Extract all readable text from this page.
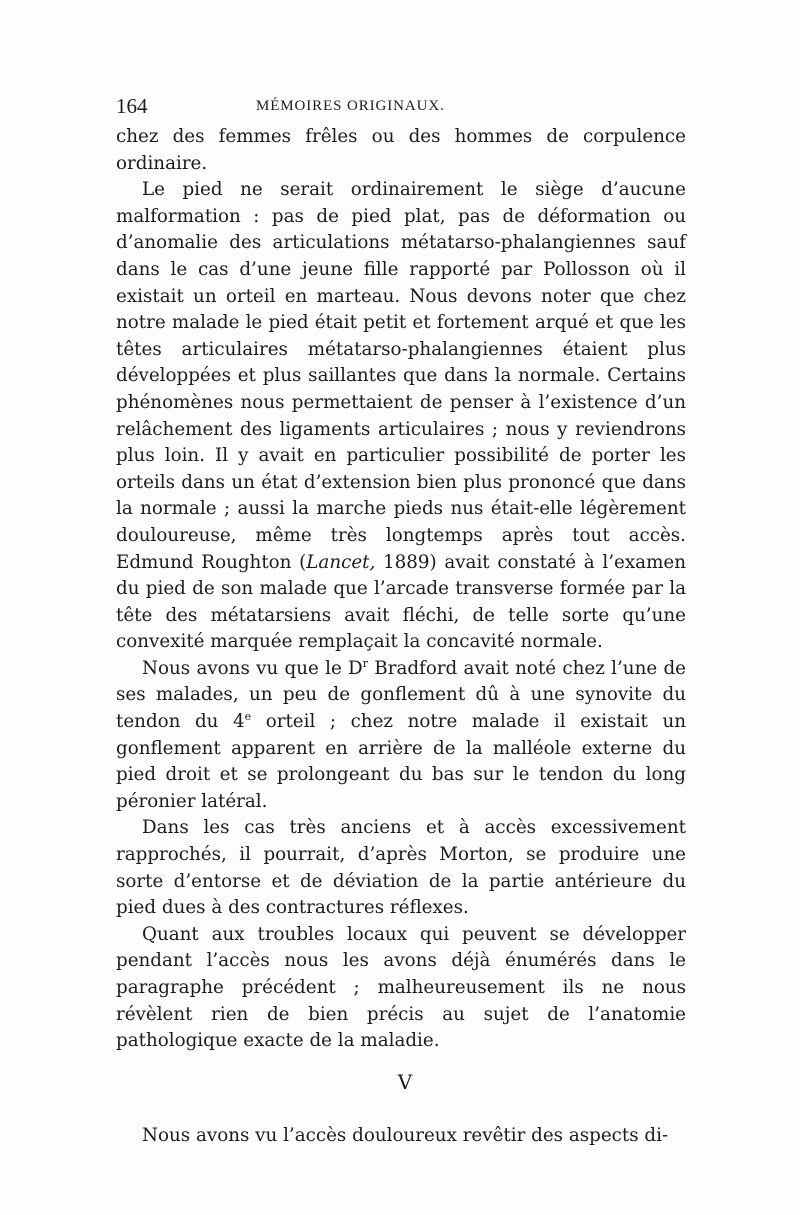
164	MÉMOIRES ORIGINAUX.

chez des femmes frêles ou des hommes de corpulence ordinaire.

Le pied ne serait ordinairement le siège d’aucune malformation : pas de pied plat, pas de déformation ou d’anomalie des articulations métatarso-phalangiennes sauf dans le cas d’une jeune fille rapporté par Pollosson où il existait un orteil en marteau. Nous devons noter que chez notre malade le pied était petit et fortement arqué et que les têtes articulaires métatarso-phalangiennes étaient plus développées et plus saillantes que dans la normale. Certains phénomènes nous permettaient de penser à l’existence d’un relâchement des ligaments articulaires ; nous y reviendrons plus loin. Il y avait en particulier possibilité de porter les orteils dans un état d’extension bien plus prononcé que dans la normale ; aussi la marche pieds nus était-elle légèrement douloureuse, même très longtemps après tout accès. Edmund Roughton (Lancet, 1889) avait constaté à l’examen du pied de son malade que l’arcade transverse formée par la tête des métatarsiens avait fléchi, de telle sorte qu’une convexité marquée remplaçait la concavité normale.

Nous avons vu que le $D^r$ Bradford avait noté chez l’une de ses malades, un peu de gonflement dû à une synovite du tendon du 4e orteil ; chez notre malade il existait un gonflement apparent en arrière de la malléole externe du pied droit et se prolongeant du bas sur le tendon du long péronier latéral.

Dans les cas très anciens et à accès excessivement rapprochés, il pourrait, d’après Morton, se produire une sorte d’entorse et de déviation de la partie antérieure du pied dues à des contractures réflexes.

Quant aux troubles locaux qui peuvent se développer pendant l’accès nous les avons déjà énumérés dans le paragraphe précédent ; malheureusement ils ne nous révèlent rien de bien précis au sujet de l’anatomie pathologique exacte de la maladie.

V

Nous avons vu l’accès douloureux revêtir des aspects di-
